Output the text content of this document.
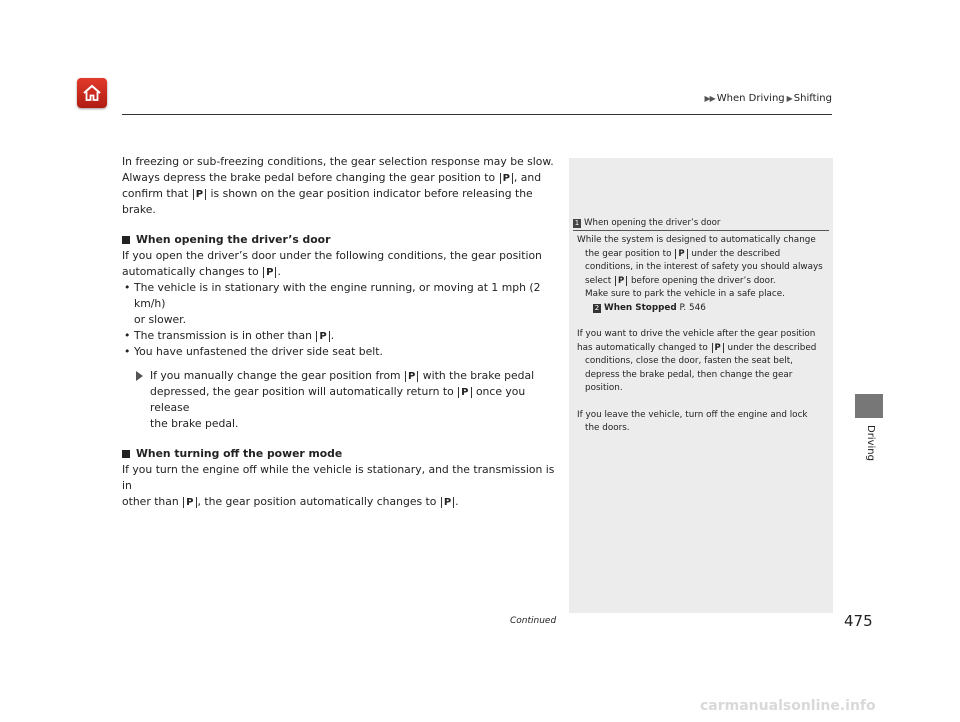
▶▶ When Driving ▶ Shifting
Driving

In freezing or sub-freezing conditions, the gear selection response may be slow.

Always depress the brake pedal before changing the gear position to P , and

confirm that P is shown on the gear position indicator before releasing the brake.

When opening the driver’s door

If you open the driver’s door under the following conditions, the gear position

automatically changes to P .

• The vehicle is in stationary with the engine running, or moving at 1 mph (2 km/h)
or slower.
• The transmission is in other than P .
• You have unfastened the driver side seat belt.

If you manually change the gear position from P with the brake pedal

depressed, the gear position will automatically return to P once you release

the brake pedal.

When turning off the power mode

If you turn the engine off while the vehicle is stationary, and the transmission is in

other than P , the gear position automatically changes to P .

1 When opening the driver’s door

While the system is designed to automatically change

the gear position to P under the described

conditions, in the interest of safety you should always

select P before opening the driver’s door.

Make sure to park the vehicle in a safe place.

2 When Stopped P. 546

If you want to drive the vehicle after the gear position

has automatically changed to P under the described

conditions, close the door, fasten the seat belt,

depress the brake pedal, then change the gear

position.

If you leave the vehicle, turn off the engine and lock

the doors.

Continued	475
carmanualsonline.info
